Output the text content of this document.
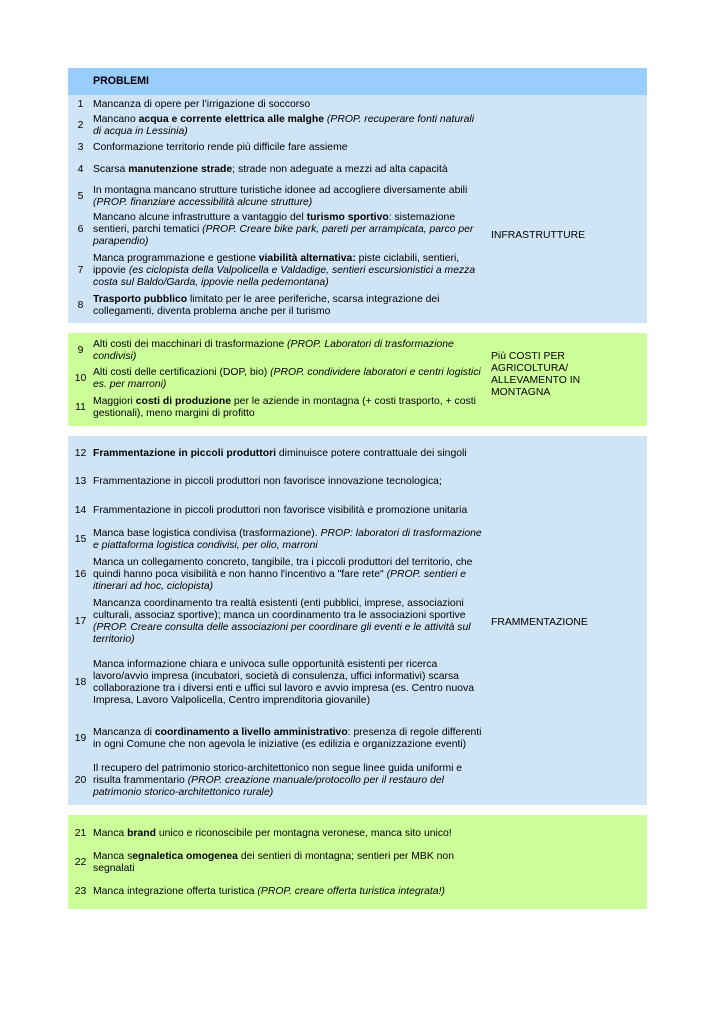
PROBLEMI
1 Mancanza di opere per l’irrigazione di soccorso
2
Mancano acqua e corrente elettrica alle malghe (PROP. recuperare fonti naturali di acqua in Lessinia)
3 Conformazione territorio rende più difficile fare assieme
4 Scarsa manutenzione strade; strade non adeguate a mezzi ad alta capacità
5
In montagna mancano strutture turistiche idonee ad accogliere diversamente abili (PROP. finanziare accessibilità alcune strutture)
6
Mancano alcune infrastrutture a vantaggio del turismo sportivo: sistemazione sentieri, parchi tematici (PROP. Creare bike park, pareti per arrampicata, parco per parapendio)
7
Manca programmazione e gestione viabilità alternativa: piste ciclabili, sentieri, ippovie (es ciclopista della Valpolicella e Valdadige, sentieri escursionistici a mezza costa sul Baldo/Garda, ippovie nella pedemontana)
8
Trasporto pubblico limitato per le aree periferiche, scarsa integrazione dei collegamenti, diventa problema anche per il turismo
INFRASTRUTTURE
9
Alti costi dei macchinari di trasformazione (PROP. Laboratori di trasformazione condivisi)
10
Alti costi delle certificazioni (DOP, bio) (PROP. condividere laboratori e centri logistici es. per marroni)
11
Maggiori costi di produzione per le aziende in montagna (+ costi trasporto, + costi gestionali), meno margini di profitto
Più COSTI PER AGRICOLTURA/ ALLEVAMENTO IN MONTAGNA
12 Frammentazione in piccoli produttori diminuisce potere contrattuale dei singoli
13 Frammentazione in piccoli produttori non favorisce innovazione tecnologica;
14 Frammentazione in piccoli produttori non favorisce visibilità e promozione unitaria
15
Manca base logistica condivisa (trasformazione). PROP: laboratori di trasformazione e piattaforma logistica condivisi, per olio, marroni
16
Manca un collegamento concreto, tangibile, tra i piccoli produttori del territorio, che quindi hanno poca visibilità e non hanno l'incentivo a "fare rete" (PROP. sentieri e itinerari ad hoc, ciclopista)
17
Mancanza coordinamento tra realtà esistenti (enti pubblici, imprese, associazioni culturali, associaz sportive); manca un coordinamento tra le associazioni sportive (PROP. Creare consulta delle associazioni per coordinare gli eventi e le attività sul territorio)
18
Manca informazione chiara e univoca sulle opportunità esistenti per ricerca lavoro/avvio impresa (incubatori, società di consulenza, uffici informativi) scarsa collaborazione tra i diversi enti e uffici sul lavoro e avvio impresa (es. Centro nuova Impresa, Lavoro Valpolicella, Centro imprenditoria giovanile)
19
Mancanza di coordinamento a livello amministrativo: presenza di regole differenti in ogni Comune che non agevola le iniziative (es edilizia e organizzazione eventi)
20
Il recupero del patrimonio storico-architettonico non segue linee guida uniformi e risulta frammentario (PROP. creazione manuale/protocollo per il restauro del patrimonio storico-architettonico rurale)
FRAMMENTAZIONE
21 Manca brand unico e riconoscibile per montagna veronese, manca sito unico!
22
Manca segnaletica omogenea dei sentieri di montagna; sentieri per MBK non segnalati
23 Manca integrazione offerta turistica (PROP. creare offerta turistica integrata!)
